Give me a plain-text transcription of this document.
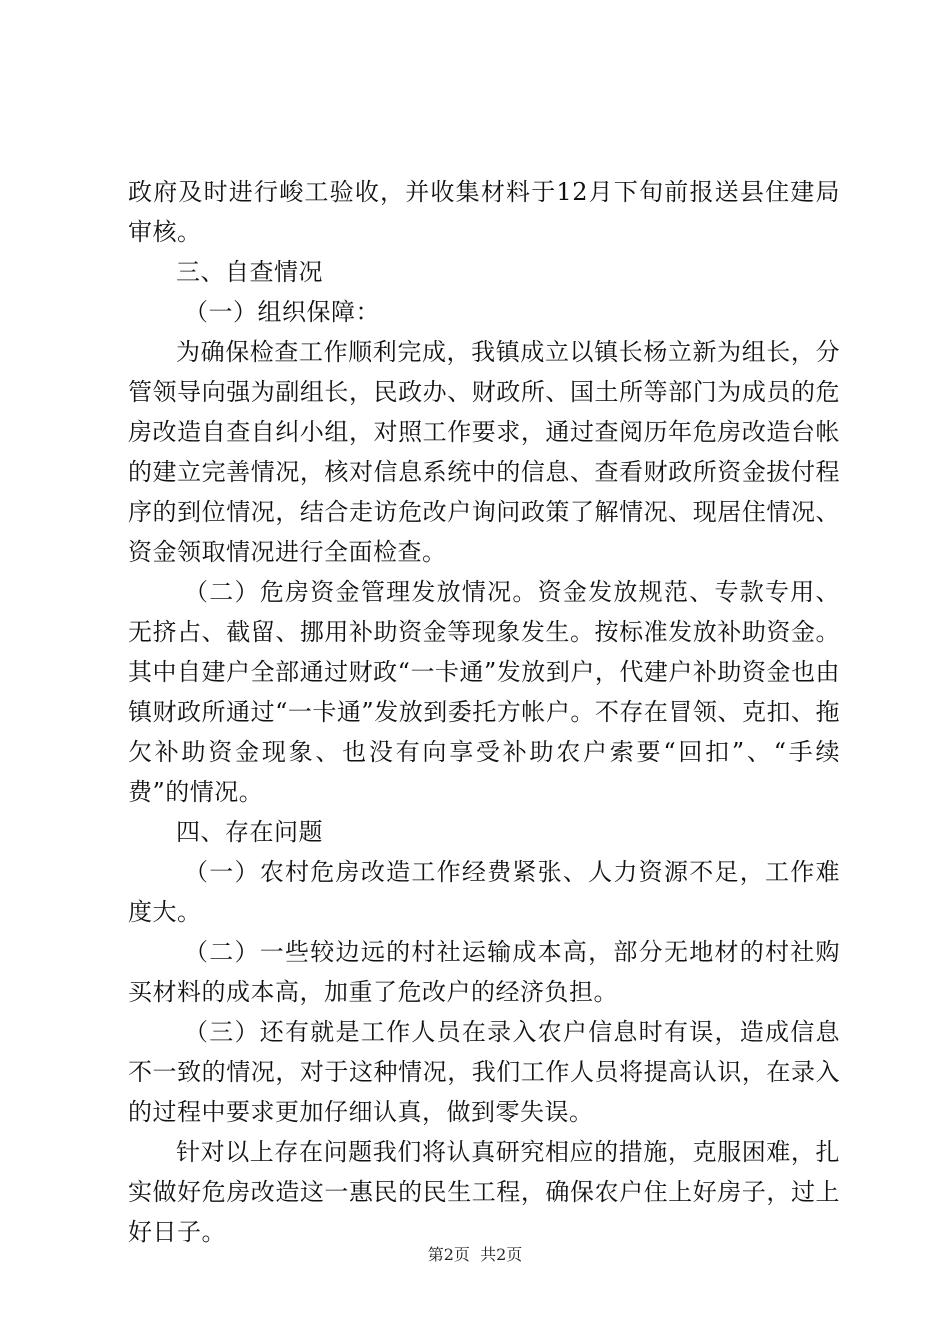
政府及时进行峻工验收，并收集材料于12月下旬前报送县住建局审核。

三、自查情况

（一）组织保障：

为确保检查工作顺利完成，我镇成立以镇长杨立新为组长，分管领导向强为副组长，民政办、财政所、国土所等部门为成员的危房改造自查自纠小组，对照工作要求，通过查阅历年危房改造台帐的建立完善情况，核对信息系统中的信息、查看财政所资金拔付程序的到位情况，结合走访危改户询问政策了解情况、现居住情况、资金领取情况进行全面检查。

（二）危房资金管理发放情况。资金发放规范、专款专用、无挤占、截留、挪用补助资金等现象发生。按标准发放补助资金。其中自建户全部通过财政“一卡通”发放到户，代建户补助资金也由镇财政所通过“一卡通”发放到委托方帐户。不存在冒领、克扣、拖欠补助资金现象、也没有向享受补助农户索要“回扣”、“手续费”的情况。

四、存在问题

（一）农村危房改造工作经费紧张、人力资源不足，工作难度大。

（二）一些较边远的村社运输成本高，部分无地材的村社购买材料的成本高，加重了危改户的经济负担。

（三）还有就是工作人员在录入农户信息时有误，造成信息不一致的情况，对于这种情况，我们工作人员将提高认识，在录入的过程中要求更加仔细认真，做到零失误。

针对以上存在问题我们将认真研究相应的措施，克服困难，扎实做好危房改造这一惠民的民生工程，确保农户住上好房子，过上好日子。

第2页  共2页
